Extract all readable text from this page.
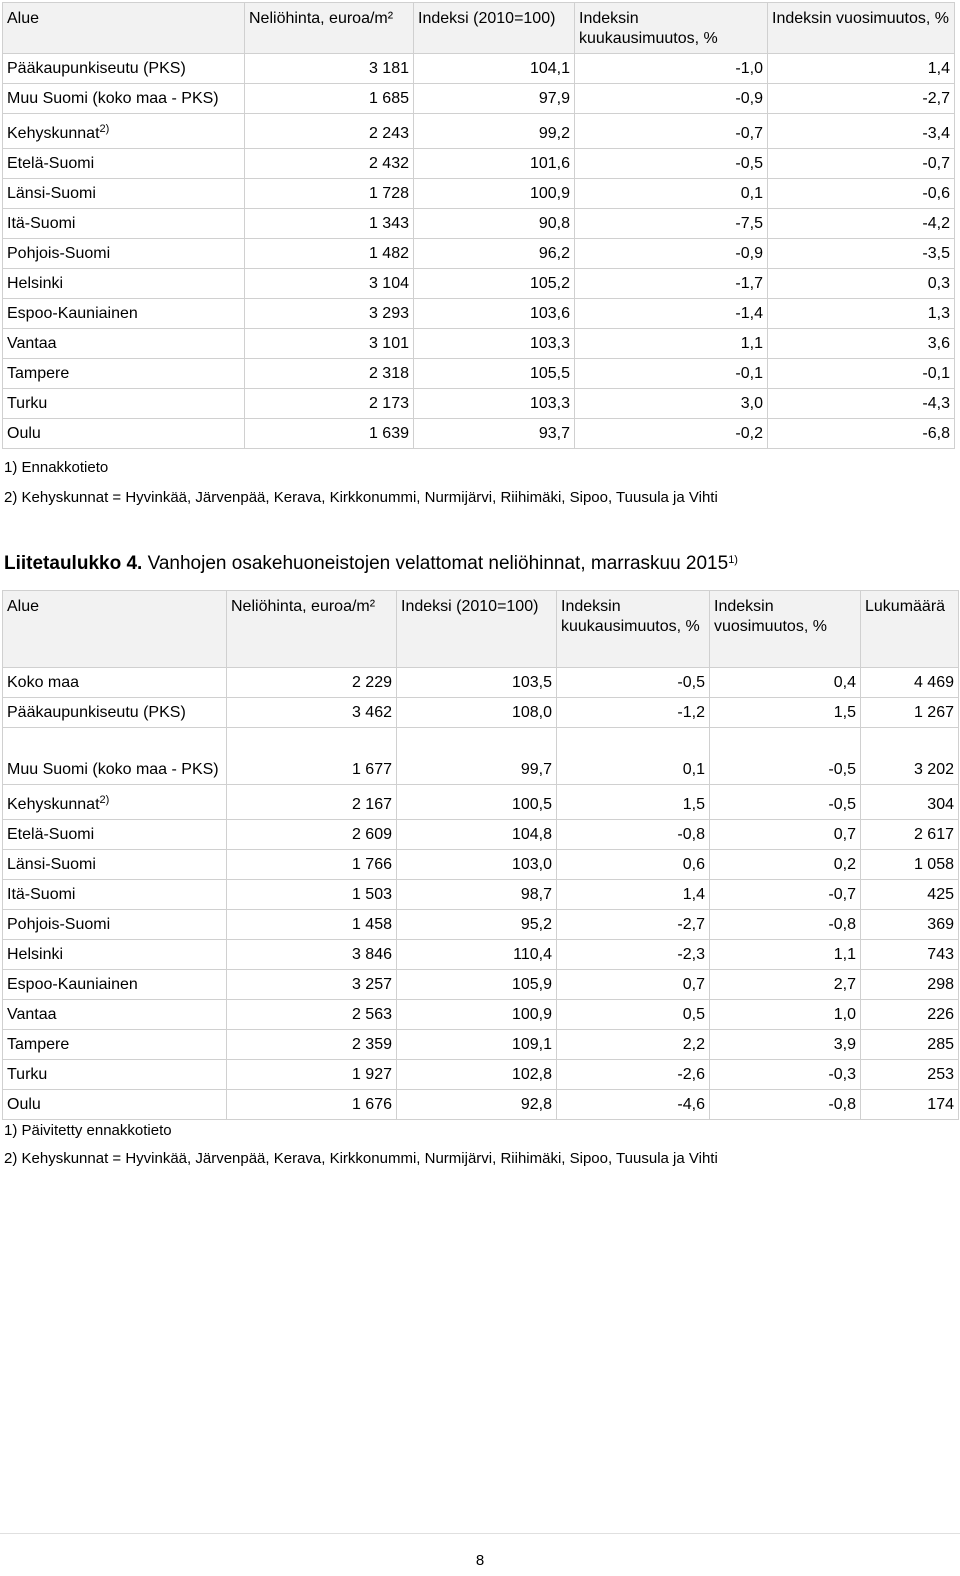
Alue	Neliöhinta, euroa/m²	Indeksi (2010=100)	Indeksin kuukausimuutos, %	Indeksin vuosimuutos, %
Pääkaupunkiseutu (PKS)	3 181	104,1	-1,0	1,4
Muu Suomi (koko maa - PKS)	1 685	97,9	-0,9	-2,7
Kehyskunnat$^{2)}$	2 243	99,2	-0,7	-3,4
Etelä-Suomi	2 432	101,6	-0,5	-0,7
Länsi-Suomi	1 728	100,9	0,1	-0,6
Itä-Suomi	1 343	90,8	-7,5	-4,2
Pohjois-Suomi	1 482	96,2	-0,9	-3,5
Helsinki	3 104	105,2	-1,7	0,3
Espoo-Kauniainen	3 293	103,6	-1,4	1,3
Vantaa	3 101	103,3	1,1	3,6
Tampere	2 318	105,5	-0,1	-0,1
Turku	2 173	103,3	3,0	-4,3
Oulu	1 639	93,7	-0,2	-6,8
1) Ennakkotieto
2) Kehyskunnat = Hyvinkää, Järvenpää, Kerava, Kirkkonummi, Nurmijärvi, Riihimäki, Sipoo, Tuusula ja Vihti
Liitetaulukko 4. Vanhojen osakehuoneistojen velattomat neliöhinnat, marraskuu 2015$^{1)}$
Alue	Neliöhinta, euroa/m²	Indeksi (2010=100)	Indeksin kuukausimuutos, %	Indeksin vuosimuutos, %	Lukumäärä
Koko maa	2 229	103,5	-0,5	0,4	4 469
Pääkaupunkiseutu (PKS)	3 462	108,0	-1,2	1,5	1 267
Muu Suomi (koko maa - PKS)	1 677	99,7	0,1	-0,5	3 202
Kehyskunnat$^{2)}$	2 167	100,5	1,5	-0,5	304
Etelä-Suomi	2 609	104,8	-0,8	0,7	2 617
Länsi-Suomi	1 766	103,0	0,6	0,2	1 058
Itä-Suomi	1 503	98,7	1,4	-0,7	425
Pohjois-Suomi	1 458	95,2	-2,7	-0,8	369
Helsinki	3 846	110,4	-2,3	1,1	743
Espoo-Kauniainen	3 257	105,9	0,7	2,7	298
Vantaa	2 563	100,9	0,5	1,0	226
Tampere	2 359	109,1	2,2	3,9	285
Turku	1 927	102,8	-2,6	-0,3	253
Oulu	1 676	92,8	-4,6	-0,8	174
1) Päivitetty ennakkotieto
2) Kehyskunnat = Hyvinkää, Järvenpää, Kerava, Kirkkonummi, Nurmijärvi, Riihimäki, Sipoo, Tuusula ja Vihti
8
